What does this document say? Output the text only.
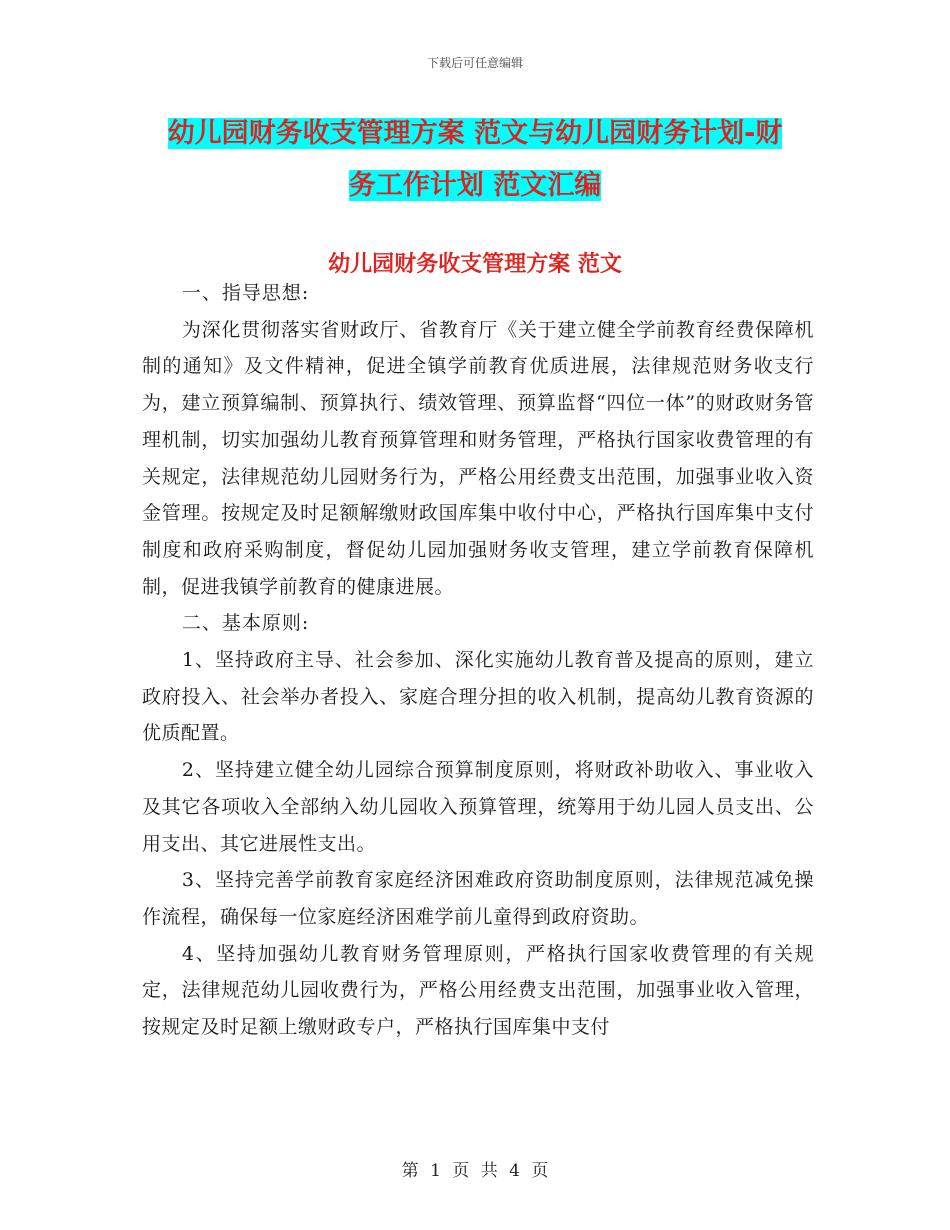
下载后可任意编辑
幼儿园财务收支管理方案 范文与幼儿园财务计划-财
务工作计划 范文汇编
幼儿园财务收支管理方案 范文

一、指导思想:

为深化贯彻落实省财政厅、省教育厅《关于建立健全学前教育经费保障机制的通知》及文件精神，促进全镇学前教育优质进展，法律规范财务收支行为，建立预算编制、预算执行、绩效管理、预算监督“四位一体”的财政财务管理机制，切实加强幼儿教育预算管理和财务管理，严格执行国家收费管理的有关规定，法律规范幼儿园财务行为，严格公用经费支出范围，加强事业收入资金管理。按规定及时足额解缴财政国库集中收付中心，严格执行国库集中支付制度和政府采购制度，督促幼儿园加强财务收支管理，建立学前教育保障机制，促进我镇学前教育的健康进展。

二、基本原则:

1、坚持政府主导、社会参加、深化实施幼儿教育普及提高的原则，建立政府投入、社会举办者投入、家庭合理分担的收入机制，提高幼儿教育资源的优质配置。

2、坚持建立健全幼儿园综合预算制度原则，将财政补助收入、事业收入及其它各项收入全部纳入幼儿园收入预算管理，统筹用于幼儿园人员支出、公用支出、其它进展性支出。

3、坚持完善学前教育家庭经济困难政府资助制度原则，法律规范减免操作流程，确保每一位家庭经济困难学前儿童得到政府资助。

4、坚持加强幼儿教育财务管理原则，严格执行国家收费管理的有关规定，法律规范幼儿园收费行为，严格公用经费支出范围，加强事业收入管理，按规定及时足额上缴财政专户，严格执行国库集中支付

第 1 页 共 4 页
